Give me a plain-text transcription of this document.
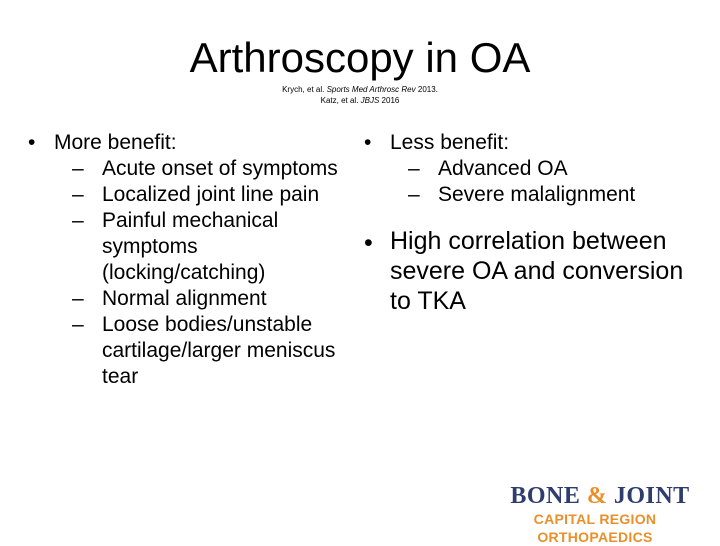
Arthroscopy in OA
Krych, et al. Sports Med Arthrosc Rev 2013.
Katz, et al. JBJS 2016
• More benefit:
– Acute onset of symptoms
– Localized joint line pain
– Painful mechanical symptoms (locking/catching)
– Normal alignment
– Loose bodies/unstable cartilage/larger meniscus tear
• Less benefit:
– Advanced OA
– Severe malalignment
• High correlation between severe OA and conversion to TKA
BONE & JOINT
CAPITAL REGION ORTHOPAEDICS
